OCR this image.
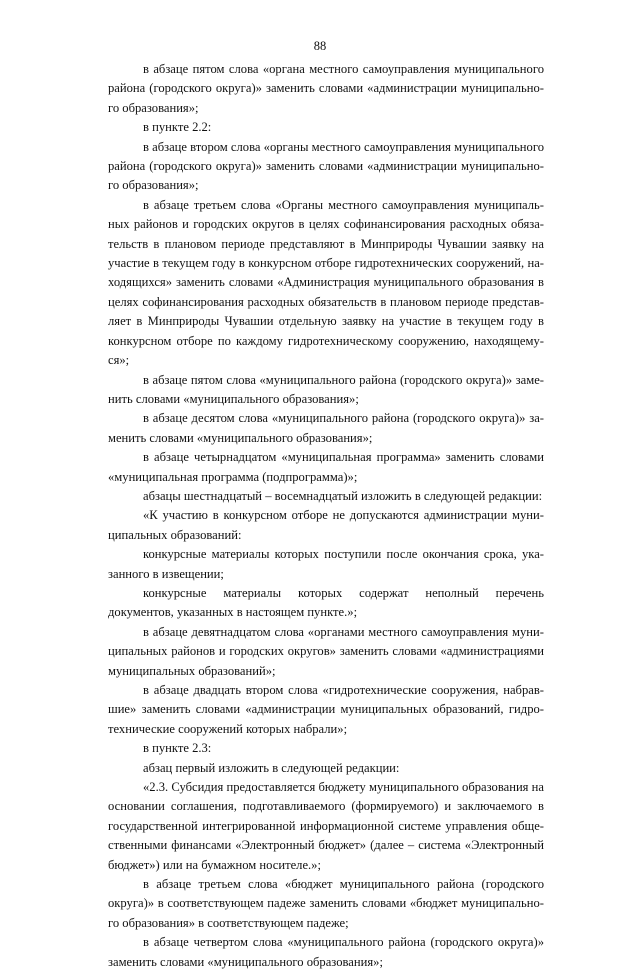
88

в абзаце пятом слова «органа местного самоуправления муниципального района (городского округа)» заменить словами «администрации муниципального образования»;

в пункте 2.2:

в абзаце втором слова «органы местного самоуправления муниципального района (городского округа)» заменить словами «администрации муниципального образования»;

в абзаце третьем слова «Органы местного самоуправления муниципальных районов и городских округов в целях софинансирования расходных обязательств в плановом периоде представляют в Минприроды Чувашии заявку на участие в текущем году в конкурсном отборе гидротехнических сооружений, находящихся» заменить словами «Администрация муниципального образования в целях софинансирования расходных обязательств в плановом периоде представляет в Минприроды Чувашии отдельную заявку на участие в текущем году в конкурсном отборе по каждому гидротехническому сооружению, находящемуся»;

в абзаце пятом слова «муниципального района (городского округа)» заменить словами «муниципального образования»;

в абзаце десятом слова «муниципального района (городского округа)» заменить словами «муниципального образования»;

в абзаце четырнадцатом «муниципальная программа» заменить словами «муниципальная программа (подпрограмма)»;

абзацы шестнадцатый – восемнадцатый изложить в следующей редакции:

«К участию в конкурсном отборе не допускаются администрации муниципальных образований:

конкурсные материалы которых поступили после окончания срока, указанного в извещении;

конкурсные материалы которых содержат неполный перечень документов, указанных в настоящем пункте.»;

в абзаце девятнадцатом слова «органами местного самоуправления муниципальных районов и городских округов» заменить словами «администрациями муниципальных образований»;

в абзаце двадцать втором слова «гидротехнические сооружения, набравшие» заменить словами «администрации муниципальных образований, гидротехнические сооружений которых набрали»;

в пункте 2.3:

абзац первый изложить в следующей редакции:

«2.3. Субсидия предоставляется бюджету муниципального образования на основании соглашения, подготавливаемого (формируемого) и заключаемого в государственной интегрированной информационной системе управления общественными финансами «Электронный бюджет» (далее – система «Электронный бюджет») или на бумажном носителе.»;

в абзаце третьем слова «бюджет муниципального района (городского округа)» в соответствующем падеже заменить словами «бюджет муниципального образования» в соответствующем падеже;

в абзаце четвертом слова «муниципального района (городского округа)» заменить словами «муниципального образования»;
